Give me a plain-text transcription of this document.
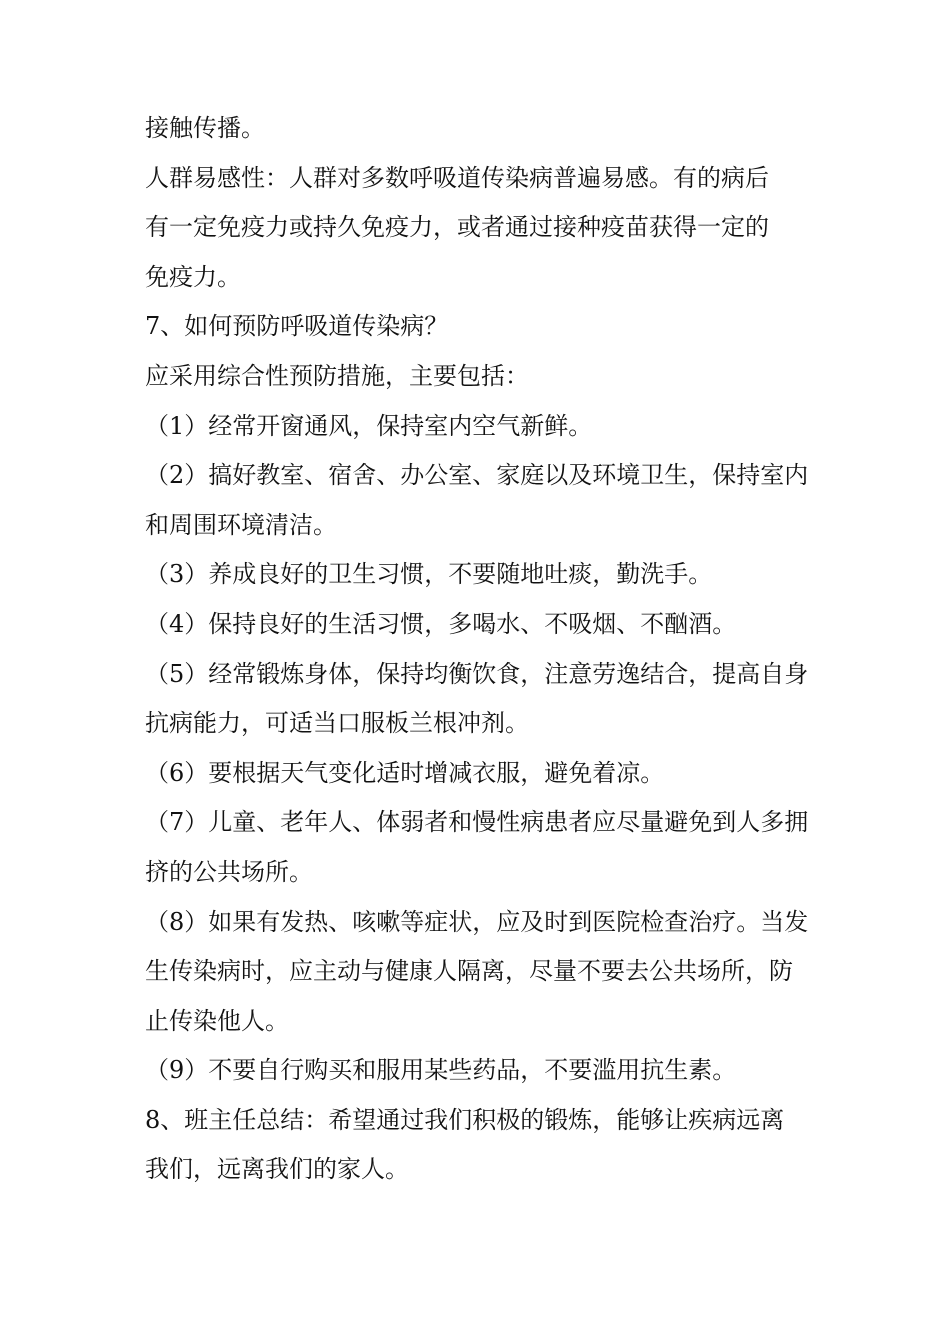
接触传播。
人群易感性：人群对多数呼吸道传染病普遍易感。有的病后
有一定免疫力或持久免疫力，或者通过接种疫苗获得一定的
免疫力。
7、如何预防呼吸道传染病？
应采用综合性预防措施，主要包括：
（1）经常开窗通风，保持室内空气新鲜。
（2）搞好教室、宿舍、办公室、家庭以及环境卫生，保持室内
和周围环境清洁。
（3）养成良好的卫生习惯，不要随地吐痰，勤洗手。
（4）保持良好的生活习惯，多喝水、不吸烟、不酗酒。
（5）经常锻炼身体，保持均衡饮食，注意劳逸结合，提高自身
抗病能力，可适当口服板兰根冲剂。
（6）要根据天气变化适时增减衣服，避免着凉。
（7）儿童、老年人、体弱者和慢性病患者应尽量避免到人多拥
挤的公共场所。
（8）如果有发热、咳嗽等症状，应及时到医院检查治疗。当发
生传染病时，应主动与健康人隔离，尽量不要去公共场所，防
止传染他人。
（9）不要自行购买和服用某些药品，不要滥用抗生素。
8、班主任总结：希望通过我们积极的锻炼，能够让疾病远离
我们，远离我们的家人。
